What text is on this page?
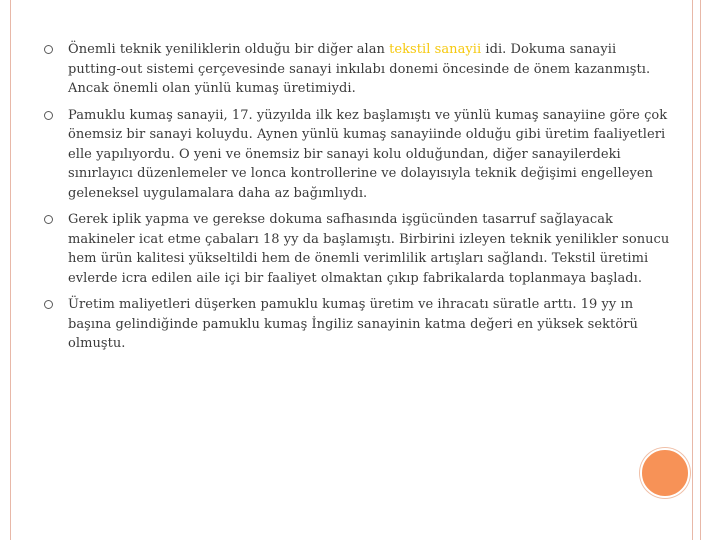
Önemli teknik yeniliklerin olduğu bir diğer alan tekstil sanayii idi. Dokuma sanayii putting-out sistemi çerçevesinde sanayi inkılabı donemi öncesinde de önem kazanmıştı. Ancak önemli olan yünlü kumaş üretimiydi.
Pamuklu kumaş sanayii, 17. yüzyılda ilk kez başlamıştı ve yünlü kumaş sanayiine göre çok önemsiz bir sanayi koluydu. Aynen yünlü kumaş sanayiinde olduğu gibi üretim faaliyetleri elle yapılıyordu. O yeni ve önemsiz bir sanayi kolu olduğundan, diğer sanayilerdeki sınırlayıcı düzenlemeler ve lonca kontrollerine ve dolayısıyla teknik değişimi engelleyen geleneksel uygulamalara daha az bağımlıydı.
Gerek iplik yapma ve gerekse dokuma safhasında işgücünden tasarruf sağlayacak makineler icat etme çabaları 18 yy da başlamıştı. Birbirini izleyen teknik yenilikler sonucu hem ürün kalitesi yükseltildi hem de önemli verimlilik artışları sağlandı. Tekstil üretimi evlerde icra edilen aile içi bir faaliyet olmaktan çıkıp fabrikalarda toplanmaya başladı.
Üretim maliyetleri düşerken pamuklu kumaş üretim ve ihracatı süratle arttı. 19 yy ın başına gelindiğinde pamuklu kumaş İngiliz sanayinin katma değeri en yüksek sektörü olmuştu.
